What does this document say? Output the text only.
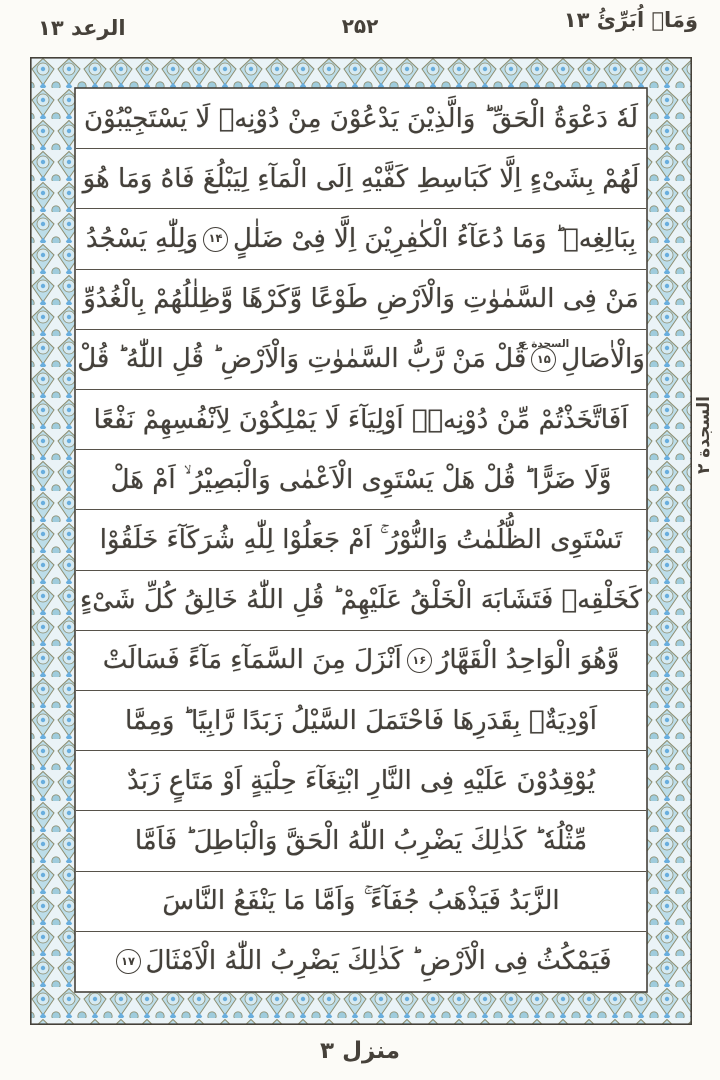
الرعد ۱۳	۲۵۲	وَمَاۤ اُبَرِّئُ ۱۳
لَهٗ دَعْوَةُ الْحَقِّ ؕ وَالَّذِيْنَ يَدْعُوْنَ مِنْ دُوْنِهٖ لَا يَسْتَجِيْبُوْنَ
لَهُمْ بِشَىْءٍ اِلَّا كَبَاسِطِ كَفَّيْهِ اِلَى الْمَآءِ لِيَبْلُغَ فَاهُ وَمَا هُوَ
بِبَالِغِهٖ ؕ وَمَا دُعَآءُ الْكٰفِرِيْنَ اِلَّا فِىْ ضَلٰلٍ
۱۴
وَلِلّٰهِ يَسْجُدُ
مَنْ فِى السَّمٰوٰتِ وَالْاَرْضِ طَوْعًا وَّكَرْهًا وَّظِلٰلُهُمْ بِالْغُدُوِّ
وَالْاٰصَالِ
۱۵
السجدة ع
قُلْ مَنْ رَّبُّ السَّمٰوٰتِ وَالْاَرْضِ ؕ قُلِ اللّٰهُ ؕ قُلْ
اَفَاتَّخَذْتُمْ مِّنْ دُوْنِهٖۤ اَوْلِيَآءَ لَا يَمْلِكُوْنَ لِاَنْفُسِهِمْ نَفْعًا
وَّلَا ضَرًّا ؕ قُلْ هَلْ يَسْتَوِى الْاَعْمٰى وَالْبَصِيْرُ ۙ اَمْ هَلْ
تَسْتَوِى الظُّلُمٰتُ وَالنُّوْرُ ۚ اَمْ جَعَلُوْا لِلّٰهِ شُرَكَآءَ خَلَقُوْا
كَخَلْقِهٖ فَتَشَابَهَ الْخَلْقُ عَلَيْهِمْ ؕ قُلِ اللّٰهُ خَالِقُ كُلِّ شَىْءٍ
وَّهُوَ الْوَاحِدُ الْقَهَّارُ
۱۶
اَنْزَلَ مِنَ السَّمَآءِ مَآءً فَسَالَتْ
اَوْدِيَةٌۢ بِقَدَرِهَا فَاحْتَمَلَ السَّيْلُ زَبَدًا رَّابِيًا ؕ وَمِمَّا
يُوْقِدُوْنَ عَلَيْهِ فِى النَّارِ ابْتِغَآءَ حِلْيَةٍ اَوْ مَتَاعٍ زَبَدٌ
مِّثْلُهٗ ؕ كَذٰلِكَ يَضْرِبُ اللّٰهُ الْحَقَّ وَالْبَاطِلَ ؕ فَاَمَّا
الزَّبَدُ فَيَذْهَبُ جُفَآءً ۚ وَاَمَّا مَا يَنْفَعُ النَّاسَ
فَيَمْكُثُ فِى الْاَرْضِ ؕ كَذٰلِكَ يَضْرِبُ اللّٰهُ الْاَمْثَالَ
۱۷
السجدة ۲
منزل ۳
